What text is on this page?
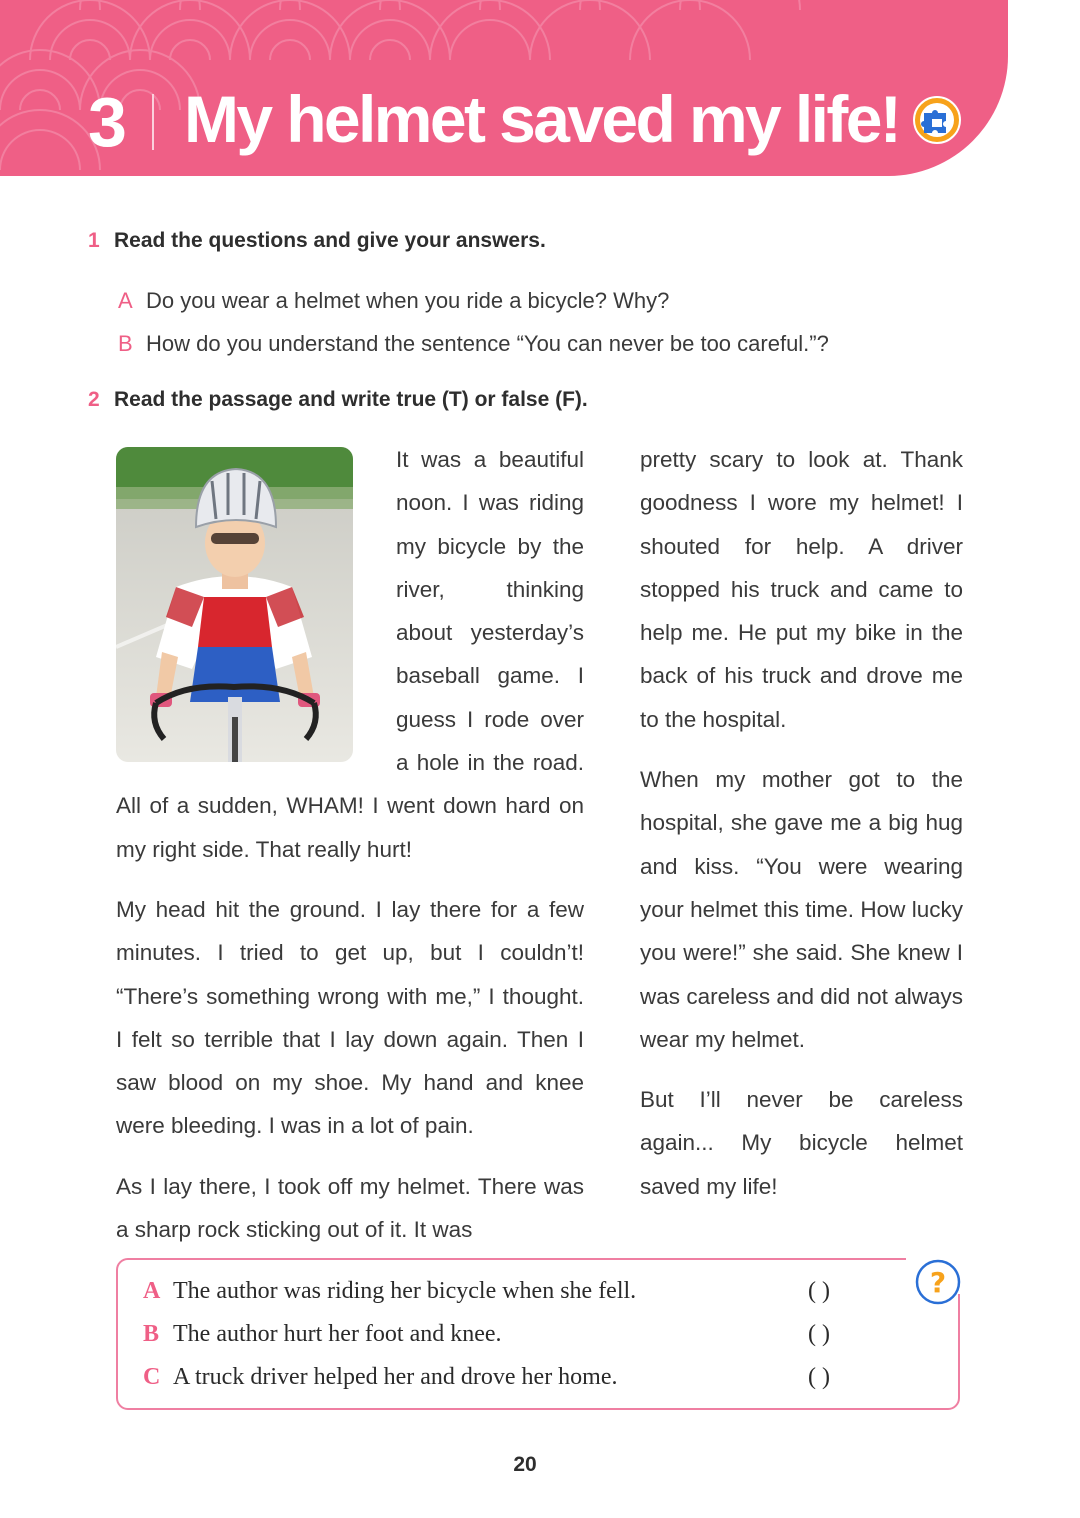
3 My helmet saved my life!
1 Read the questions and give your answers.
A Do you wear a helmet when you ride a bicycle? Why?
B How do you understand the sentence “You can never be too careful.”?
2 Read the passage and write true (T) or false (F).

It was a beautiful noon. I was riding my bicycle by the river, thinking about yesterday’s baseball game. I guess I rode over a hole in the road. All of a sudden, WHAM! I went down hard on my right side. That really hurt!

My head hit the ground. I lay there for a few minutes. I tried to get up, but I couldn’t! “There’s something wrong with me,” I thought. I felt so terrible that I lay down again. Then I saw blood on my shoe. My hand and knee were bleeding. I was in a lot of pain.

As I lay there, I took off my helmet. There was a sharp rock sticking out of it. It was

pretty scary to look at. Thank goodness I wore my helmet! I shouted for help. A driver stopped his truck and came to help me. He put my bike in the back of his truck and drove me to the hospital.

When my mother got to the hospital, she gave me a big hug and kiss. “You were wearing your helmet this time. How lucky you were!” she said. She knew I was careless and did not always wear my helmet.

But I’ll never be careless again... My bicycle helmet saved my life!

?
A The author was riding her bicycle when she fell.	( )
B The author hurt her foot and knee.	( )
C A truck driver helped her and drove her home.	( )
20
